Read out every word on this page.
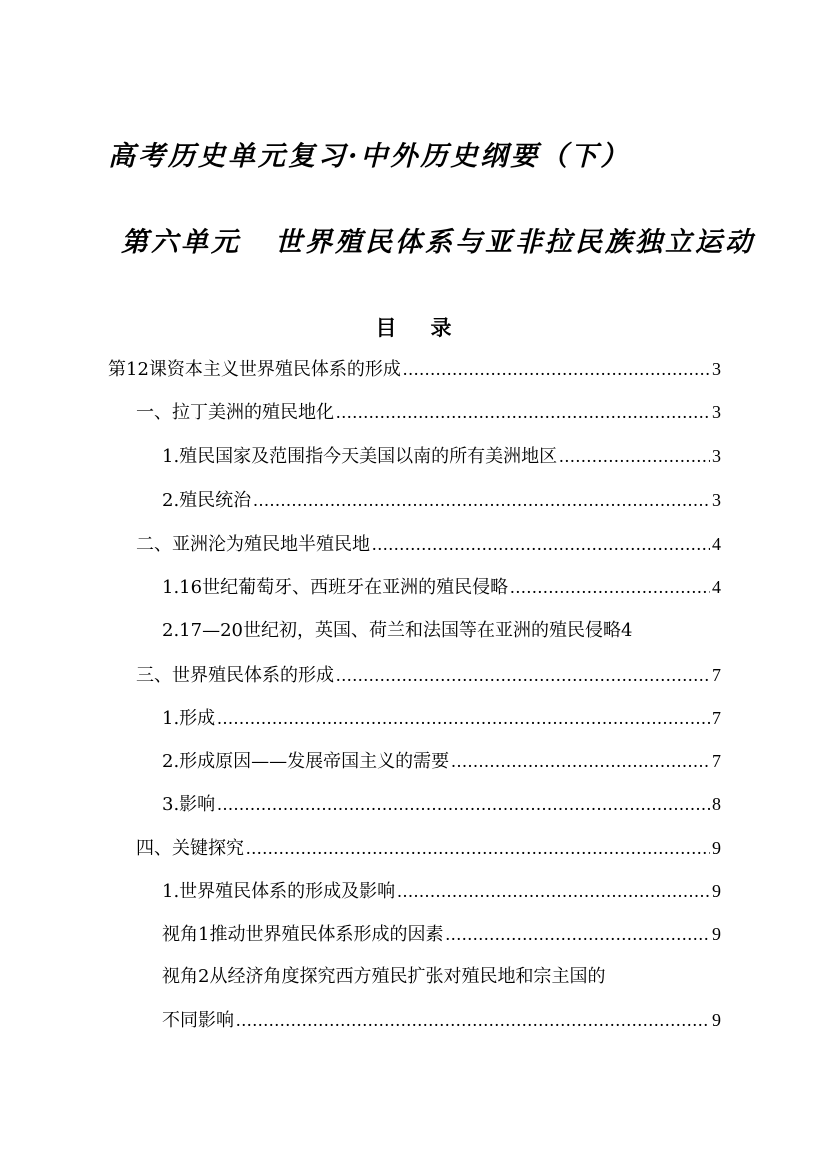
高考历史单元复习·中外历史纲要（下）
第六单元 世界殖民体系与亚非拉民族独立运动
目 录
第12课资本主义世界殖民体系的形成 .....	3
一、拉丁美洲的殖民地化 .....	3
1.殖民国家及范围指今天美国以南的所有美洲地区 .....	3
2.殖民统治 .....	3
二、亚洲沦为殖民地半殖民地 .....	4
1.16世纪葡萄牙、西班牙在亚洲的殖民侵略 .....	4
2.17—20世纪初，英国、荷兰和法国等在亚洲的殖民侵略4
三、世界殖民体系的形成 .....	7
1.形成 .....	7
2.形成原因——发展帝国主义的需要 .....	7
3.影响 .....	8
四、关键探究 .....	9
1.世界殖民体系的形成及影响 .....	9
视角1推动世界殖民体系形成的因素 .....	9
视角2从经济角度探究西方殖民扩张对殖民地和宗主国的
不同影响 .....	9
